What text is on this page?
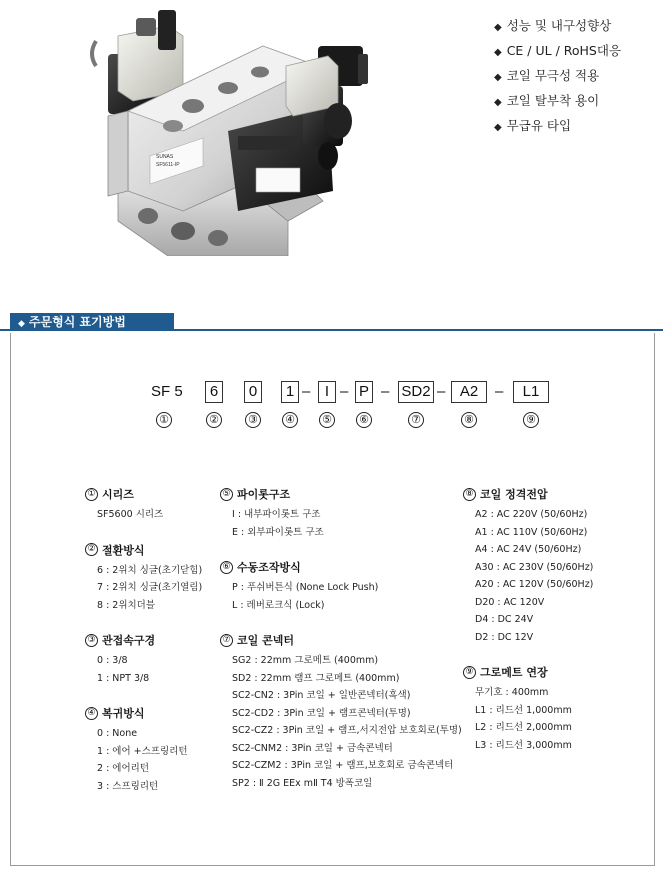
SUNAS
SF5611-IP
◆ 성능 및 내구성향상
◆ CE / UL / RoHS대응
◆ 코일 무극성 적용
◆ 코일 탈부착 용이
◆ 무급유 타입
◆ 주문형식 표기방법
SF 5	6	0	1 – I – P – SD2 – A2	–	L1
①	②	③ ④ ⑤ ⑥	⑦	⑧	⑨
① 시리즈
SF5600 시리즈
② 절환방식
6 : 2위치 싱글(초기닫힘)
7 : 2위치 싱글(초기열림)
8 : 2위치더블
③ 관접속구경
0 : 3/8
1 : NPT 3/8
④ 복귀방식
0 : None
1 : 에어 +스프링리턴
2 : 에어리턴
3 : 스프링리턴
⑤ 파이롯구조
I : 내부파이롯트 구조
E : 외부파이롯트 구조
⑥ 수동조작방식
P : 푸쉬버튼식 (None Lock Push)
L : 레버로크식 (Lock)
⑦ 코일 콘넥터
SG2 : 22mm 그로메트 (400mm)
SD2 : 22mm 램프 그로메트 (400mm)
SC2-CN2 : 3Pin 코일 + 일반콘넥터(흑색)
SC2-CD2 : 3Pin 코일 + 램프콘넥터(투명)
SC2-CZ2 : 3Pin 코일 + 램프,서지전압 보호회로(투명)
SC2-CNM2 : 3Pin 코일 + 금속콘넥터
SC2-CZM2 : 3Pin 코일 + 램프,보호회로 금속콘넥터
SP2 : Ⅱ 2G EEx mⅡ T4 방폭코일
⑧ 코일 정격전압
A2 : AC 220V (50/60Hz)
A1 : AC 110V (50/60Hz)
A4 : AC 24V (50/60Hz)
A30 : AC 230V (50/60Hz)
A20 : AC 120V (50/60Hz)
D20 : AC 120V
D4 : DC 24V
D2 : DC 12V
⑨ 그로메트 연장
무기호 : 400mm
L1 : 리드선 1,000mm
L2 : 리드선 2,000mm
L3 : 리드선 3,000mm
